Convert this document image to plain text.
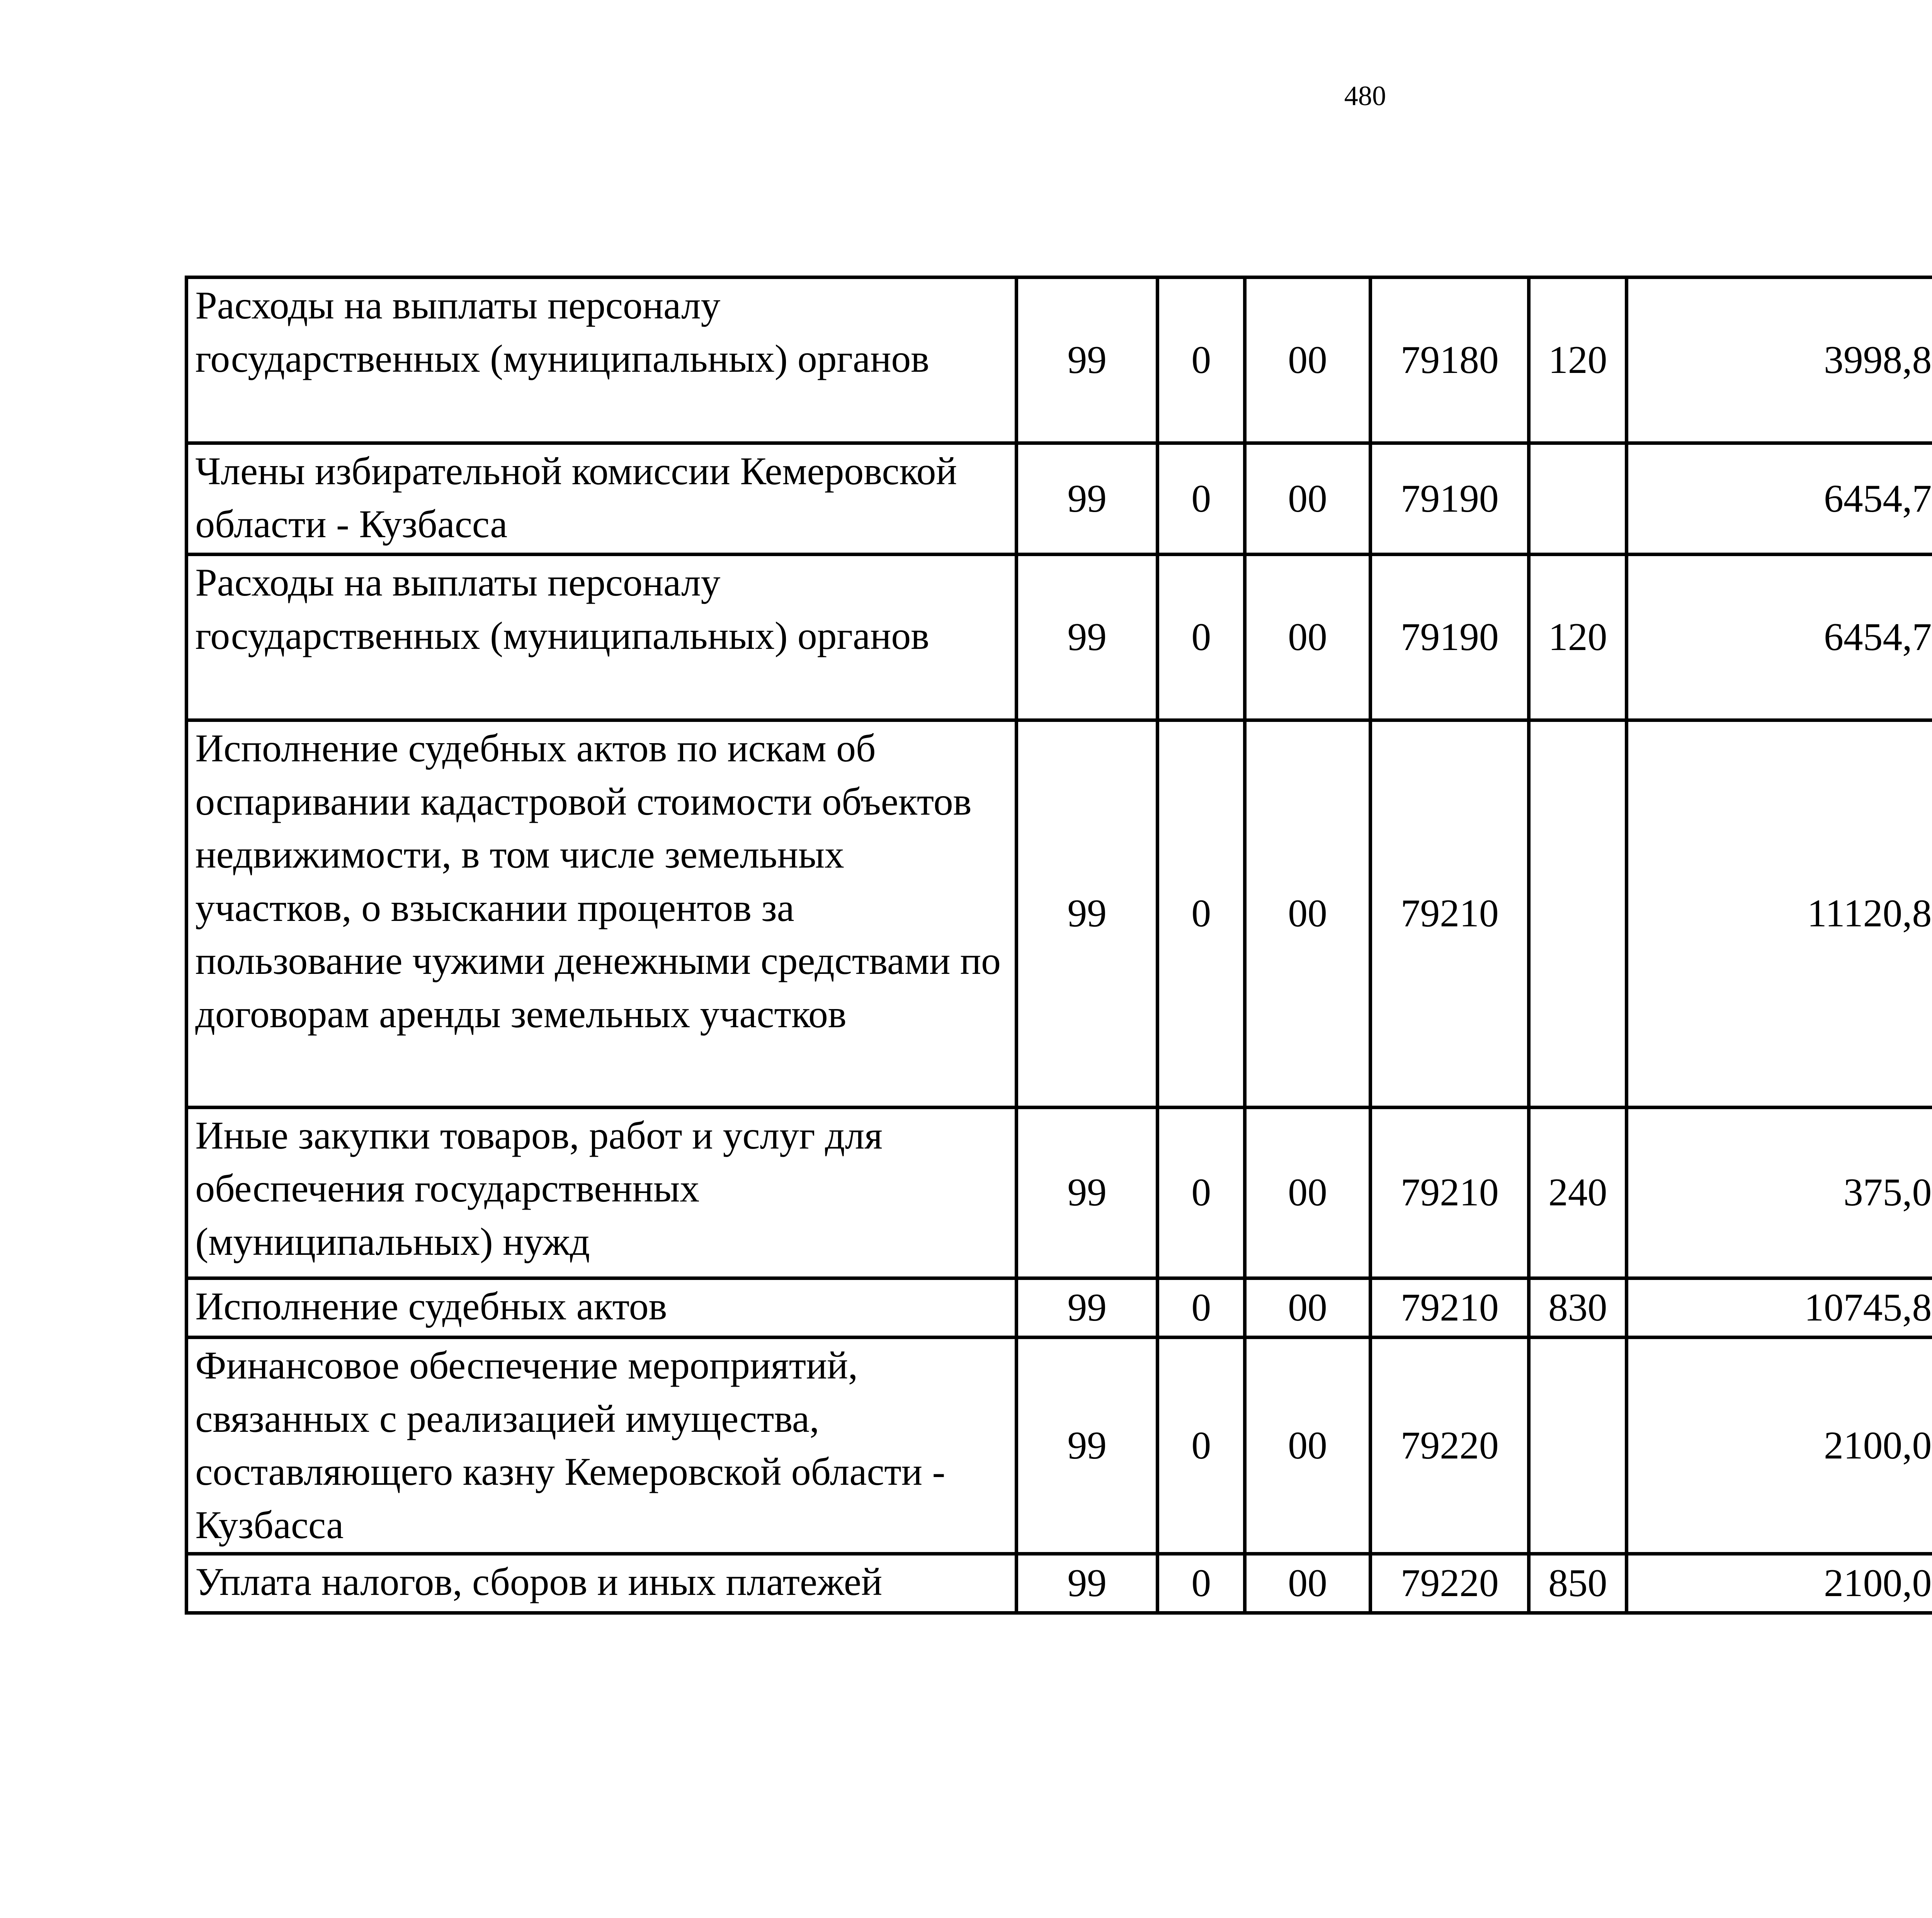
480
Расходы на выплаты персоналу государственных (муниципальных) органов	99	0	00	79180	120	3998,8		
Члены избирательной комиссии Кемеровской области - Кузбасса	99	0	00	79190		6454,7		
Расходы на выплаты персоналу государственных (муниципальных) органов	99	0	00	79190	120	6454,7		
Исполнение судебных актов по искам об оспаривании кадастровой стоимости объектов недвижимости, в том числе земельных участков, о взыскании процентов за пользование чужими денежными средствами по договорам аренды земельных участков	99	0	00	79210		11120,8		
Иные закупки товаров, работ и услуг для обеспечения государственных (муниципальных) нужд	99	0	00	79210	240	375,0		
Исполнение судебных актов	99	0	00	79210	830	10745,8		
Финансовое обеспечение мероприятий, связанных с реализацией имущества, составляющего казну Кемеровской области - Кузбасса	99	0	00	79220		2100,0		
Уплата налогов, сборов и иных платежей	99	0	00	79220	850	2100,0		
